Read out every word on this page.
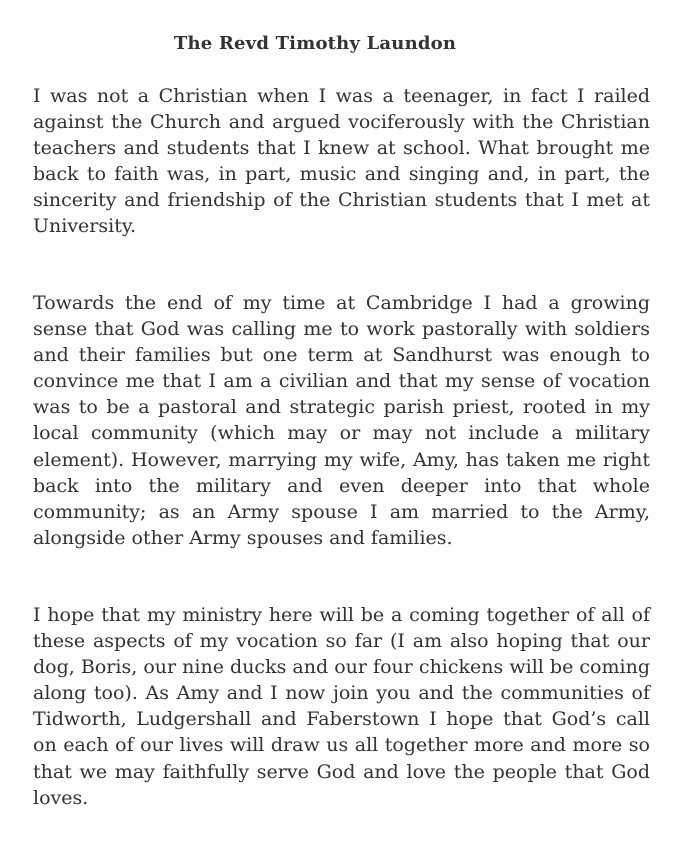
The Revd Timothy Laundon

I was not a Christian when I was a teenager, in fact I railed against the Church and argued vociferously with the Christian teachers and students that I knew at school. What brought me back to faith was, in part, music and singing and, in part, the sincerity and friendship of the Christian students that I met at University.

Towards the end of my time at Cambridge I had a growing sense that God was calling me to work pastorally with soldiers and their families but one term at Sandhurst was enough to convince me that I am a civilian and that my sense of vocation was to be a pastoral and strategic parish priest, rooted in my local community (which may or may not include a military element). However, marrying my wife, Amy, has taken me right back into the military and even deeper into that whole community; as an Army spouse I am married to the Army, alongside other Army spouses and families.

I hope that my ministry here will be a coming together of all of these aspects of my vocation so far (I am also hoping that our dog, Boris, our nine ducks and our four chickens will be coming along too). As Amy and I now join you and the communities of Tidworth, Ludgershall and Faberstown I hope that God’s call on each of our lives will draw us all together more and more so that we may faithfully serve God and love the people that God loves.
